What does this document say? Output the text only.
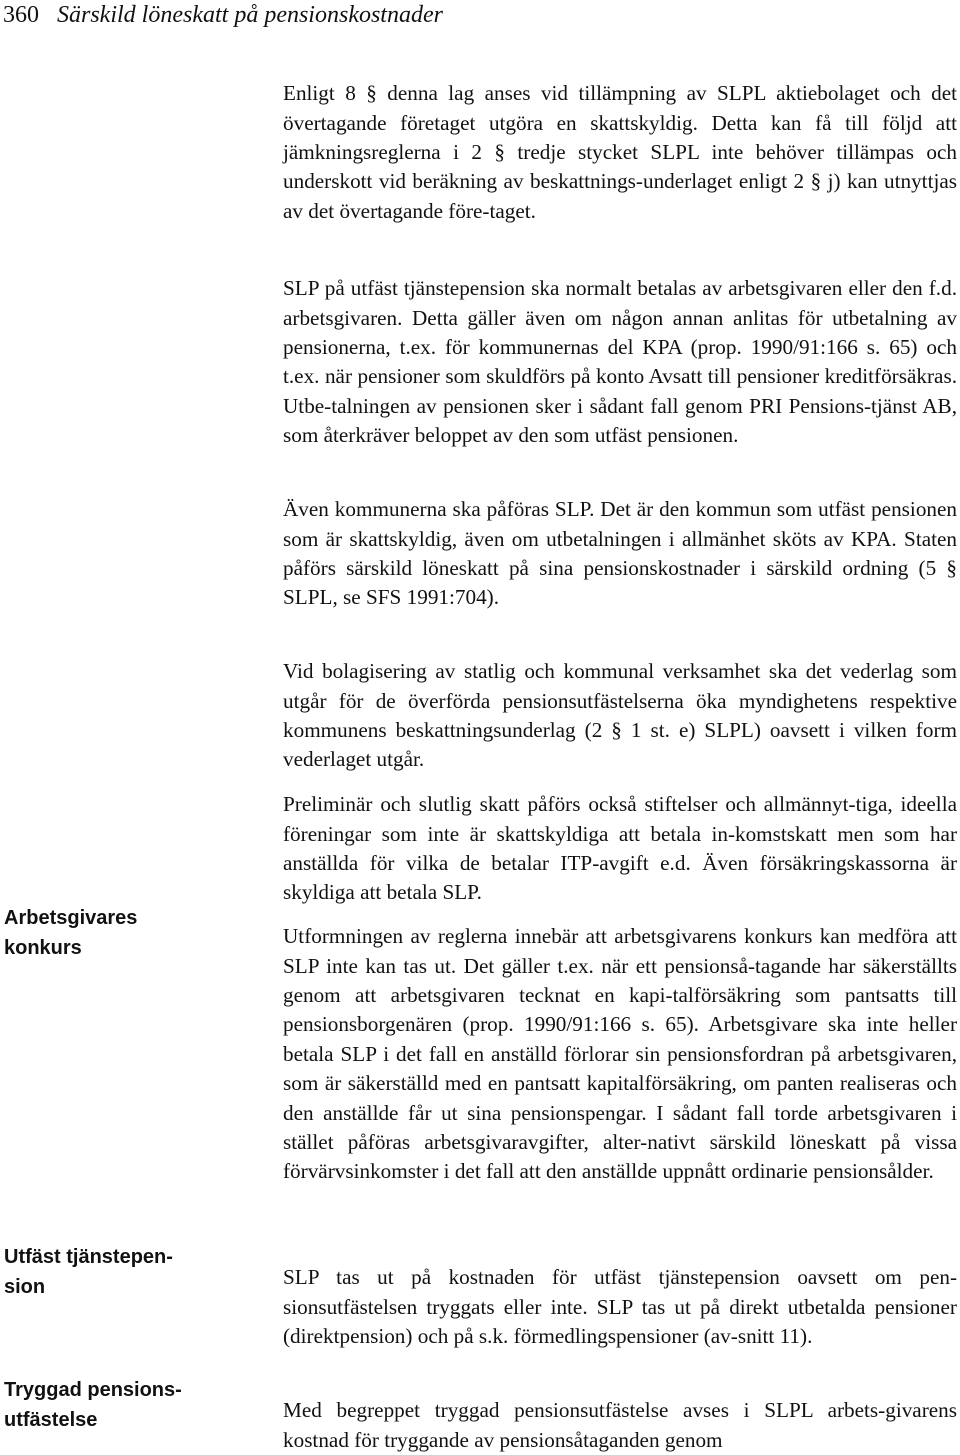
360 Särskild löneskatt på pensionskostnader

Enligt 8 § denna lag anses vid tillämpning av SLPL aktiebolaget och det övertagande företaget utgöra en skattskyldig. Detta kan få till följd att jämkningsreglerna i 2 § tredje stycket SLPL inte behöver tillämpas och underskott vid beräkning av beskattnings-underlaget enligt 2 § j) kan utnyttjas av det övertagande före-taget.

SLP på utfäst tjänstepension ska normalt betalas av arbetsgivaren eller den f.d. arbetsgivaren. Detta gäller även om någon annan anlitas för utbetalning av pensionerna, t.ex. för kommunernas del KPA (prop. 1990/91:166 s. 65) och t.ex. när pensioner som skuldförs på konto Avsatt till pensioner kreditförsäkras. Utbe-talningen av pensionen sker i sådant fall genom PRI Pensions-tjänst AB, som återkräver beloppet av den som utfäst pensionen.

Även kommunerna ska påföras SLP. Det är den kommun som utfäst pensionen som är skattskyldig, även om utbetalningen i allmänhet sköts av KPA. Staten påförs särskild löneskatt på sina pensionskostnader i särskild ordning (5 § SLPL, se SFS 1991:704).

Vid bolagisering av statlig och kommunal verksamhet ska det vederlag som utgår för de överförda pensionsutfästelserna öka myndighetens respektive kommunens beskattningsunderlag (2 § 1 st. e) SLPL) oavsett i vilken form vederlaget utgår.

Preliminär och slutlig skatt påförs också stiftelser och allmännyt-tiga, ideella föreningar som inte är skattskyldiga att betala in-komstskatt men som har anställda för vilka de betalar ITP-avgift e.d. Även försäkringskassorna är skyldiga att betala SLP.

Utformningen av reglerna innebär att arbetsgivarens konkurs kan medföra att SLP inte kan tas ut. Det gäller t.ex. när ett pensionså-tagande har säkerställts genom att arbetsgivaren tecknat en kapi-talförsäkring som pantsatts till pensionsborgenären (prop. 1990/91:166 s. 65). Arbetsgivare ska inte heller betala SLP i det fall en anställd förlorar sin pensionsfordran på arbetsgivaren, som är säkerställd med en pantsatt kapitalförsäkring, om panten realiseras och den anställde får ut sina pensionspengar. I sådant fall torde arbetsgivaren i stället påföras arbetsgivaravgifter, alter-nativt särskild löneskatt på vissa förvärvsinkomster i det fall att den anställde uppnått ordinarie pensionsålder.

SLP tas ut på kostnaden för utfäst tjänstepension oavsett om pen-sionsutfästelsen tryggats eller inte. SLP tas ut på direkt utbetalda pensioner (direktpension) och på s.k. förmedlingspensioner (av-snitt 11).

Med begreppet tryggad pensionsutfästelse avses i SLPL arbets-givarens kostnad för tryggande av pensionsåtaganden genom

Arbetsgivares konkurs
Utfäst tjänstepen-sion
Tryggad pensions-utfästelse
